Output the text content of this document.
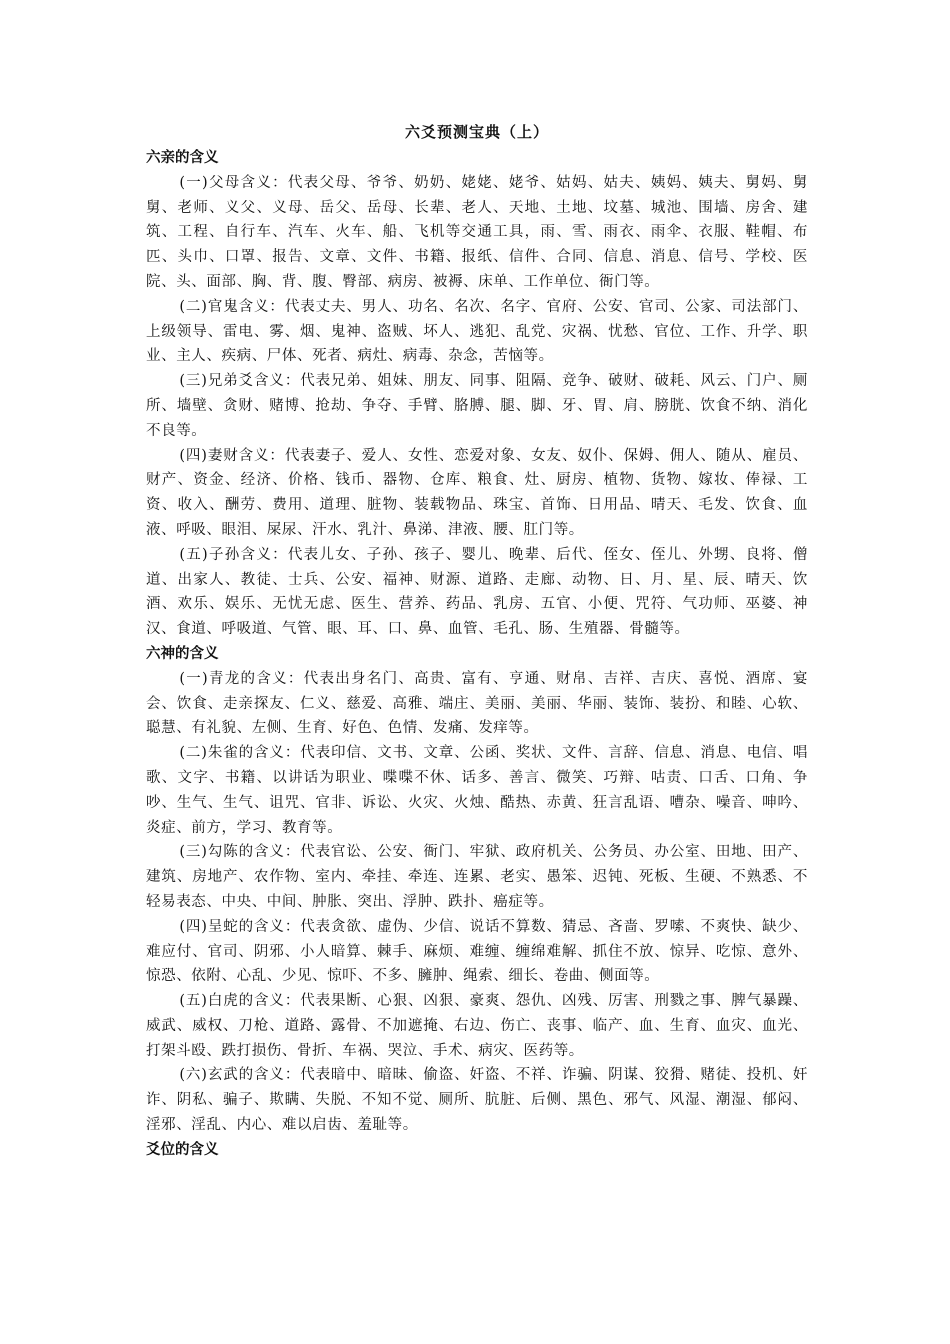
六爻预测宝典（上）
六亲的含义

(一)父母含义：代表父母、爷爷、奶奶、姥姥、姥爷、姑妈、姑夫、姨妈、姨夫、舅妈、舅舅、老师、义父、义母、岳父、岳母、长辈、老人、天地、土地、坟墓、城池、围墙、房舍、建筑、工程、自行车、汽车、火车、船、飞机等交通工具，雨、雪、雨衣、雨伞、衣服、鞋帽、布匹、头巾、口罩、报告、文章、文件、书籍、报纸、信件、合同、信息、消息、信号、学校、医院、头、面部、胸、背、腹、臀部、病房、被褥、床单、工作单位、衙门等。

(二)官鬼含义：代表丈夫、男人、功名、名次、名字、官府、公安、官司、公家、司法部门、上级领导、雷电、雾、烟、鬼神、盗贼、坏人、逃犯、乱党、灾祸、忧愁、官位、工作、升学、职业、主人、疾病、尸体、死者、病灶、病毒、杂念，苦恼等。

(三)兄弟爻含义：代表兄弟、姐妹、朋友、同事、阻隔、竞争、破财、破耗、风云、门户、厕所、墙壁、贪财、赌博、抢劫、争夺、手臂、胳膊、腿、脚、牙、胃、肩、膀胱、饮食不纳、消化不良等。

(四)妻财含义：代表妻子、爱人、女性、恋爱对象、女友、奴仆、保姆、佣人、随从、雇员、财产、资金、经济、价格、钱币、器物、仓库、粮食、灶、厨房、植物、货物、嫁妆、俸禄、工资、收入、酬劳、费用、道理、脏物、装载物品、珠宝、首饰、日用品、晴天、毛发、饮食、血液、呼吸、眼泪、屎尿、汗水、乳汁、鼻涕、津液、腰、肛门等。

(五)子孙含义：代表儿女、子孙、孩子、婴儿、晚辈、后代、侄女、侄儿、外甥、良将、僧道、出家人、教徒、士兵、公安、福神、财源、道路、走廊、动物、日、月、星、辰、晴天、饮酒、欢乐、娱乐、无忧无虑、医生、营养、药品、乳房、五官、小便、咒符、气功师、巫婆、神汉、食道、呼吸道、气管、眼、耳、口、鼻、血管、毛孔、肠、生殖器、骨髓等。

六神的含义

(一)青龙的含义：代表出身名门、高贵、富有、亨通、财帛、吉祥、吉庆、喜悦、酒席、宴会、饮食、走亲探友、仁义、慈爱、高雅、端庄、美丽、美丽、华丽、装饰、装扮、和睦、心软、聪慧、有礼貌、左侧、生育、好色、色情、发痛、发痒等。

(二)朱雀的含义：代表印信、文书、文章、公函、奖状、文件、言辞、信息、消息、电信、唱歌、文字、书籍、以讲话为职业、喋喋不休、话多、善言、微笑、巧辩、咕责、口舌、口角、争吵、生气、生气、诅咒、官非、诉讼、火灾、火烛、酷热、赤黄、狂言乱语、嘈杂、噪音、呻吟、炎症、前方，学习、教育等。

(三)勾陈的含义：代表官讼、公安、衙门、牢狱、政府机关、公务员、办公室、田地、田产、建筑、房地产、农作物、室内、牵挂、牵连、连累、老实、愚笨、迟钝、死板、生硬、不熟悉、不轻易表态、中央、中间、肿胀、突出、浮肿、跌扑、癌症等。

(四)呈蛇的含义：代表贪欲、虚伪、少信、说话不算数、猜忌、吝啬、罗嗦、不爽快、缺少、难应付、官司、阴邪、小人暗算、棘手、麻烦、难缠、缠绵难解、抓住不放、惊异、吃惊、意外、惊恐、依附、心乱、少见、惊吓、不多、臃肿、绳索、细长、卷曲、侧面等。

(五)白虎的含义：代表果断、心狠、凶狠、豪爽、怨仇、凶残、厉害、刑戮之事、脾气暴躁、威武、威权、刀枪、道路、露骨、不加遮掩、右边、伤亡、丧事、临产、血、生育、血灾、血光、打架斗殴、跌打损伤、骨折、车祸、哭泣、手术、病灾、医药等。

(六)玄武的含义：代表暗中、暗昧、偷盗、奸盗、不祥、诈骗、阴谋、狡猾、赌徒、投机、奸诈、阴私、骗子、欺瞒、失脱、不知不觉、厕所、肮脏、后侧、黑色、邪气、风湿、潮湿、郁闷、淫邪、淫乱、内心、难以启齿、羞耻等。

爻位的含义
